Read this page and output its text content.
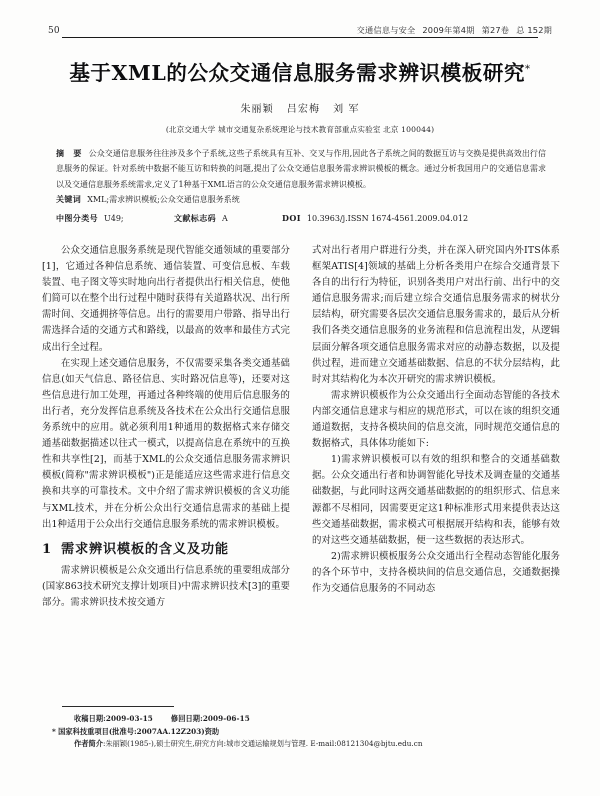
50	交通信息与安全 2009年第4期 第27卷 总 152期
基于XML的公众交通信息服务需求辨识模板研究*
朱丽颖 吕宏梅 刘 军
(北京交通大学 城市交通复杂系统理论与技术教育部重点实验室 北京 100044)

摘 要 公众交通信息服务往往涉及多个子系统,这些子系统具有互补、交叉与作用,因此各子系统之间的数据互访与交换是提供高效出行信息服务的保证。针对系统中数据不能互访和转换的问题,提出了公众交通信息服务需求辨识模板的概念。通过分析我国用户的交通信息需求以及交通信息服务系统需求,定义了1种基于XML语言的公众交通信息服务需求辨识模板。

关键词 XML;需求辨识模板;公众交通信息服务系统

中图分类号 U49;	文献标志码 A	DOI 10.3963/j.ISSN 1674-4561.2009.04.012

公众交通信息服务系统是现代智能交通领域的重要部分[1]，它通过各种信息系统、通信装置、可变信息板、车载装置、电子图文等实时地向出行者提供出行相关信息，使他们简可以在整个出行过程中随时获得有关道路状况、出行所需时间、交通拥挤等信息。出行的需要用户带路、指导出行需选择合适的交通方式和路线，以最高的效率和最佳方式完成出行全过程。

在实现上述交通信息服务，不仅需要采集各类交通基础信息(如天气信息、路径信息、实时路况信息等)，还要对这些信息进行加工处理，再通过各种终端的使用后信息服务的出行者，充分发挥信息系统及各技术在公众出行交通信息服务系统中的应用。就必须利用1种通用的数据格式来存储交通基础数据描述以往式一模式，以提高信息在系统中的互换性和共享性[2]，而基于XML的公众交通信息服务需求辨识模板(简称"需求辨识模板")正是能适应这些需求进行信息交换和共享的可靠技术。文中介绍了需求辨识模板的含义功能与XML技术，并在分析公众出行交通信息需求的基础上提出1种适用于公众出行交通信息服务系统的需求辨识模板。

1 需求辨识模板的含义及功能

需求辨识模板是公众交通出行信息系统的重要组成部分(国家863技术研究支撑计划项目)中需求辨识技术[3]的重要部分。需求辨识技术按交通方

式对出行者用户群进行分类，并在深入研究国内外ITS体系框架ATIS[4]领域的基础上分析各类用户在综合交通背景下各自的出行行为特征，识别各类用户对出行前、出行中的交通信息服务需求;而后建立综合交通信息服务需求的树状分层结构，研究需要各层次交通信息服务需求的，最后从分析我们各类交通信息服务的业务流程和信息流程出发，从逻辑层面分解各项交通信息服务需求对应的动静态数据，以及提供过程，进而建立交通基础数据、信息的不状分层结构，此时对其结构化为本次开研究的需求辨识模板。

需求辨识模板作为公众交通出行全面动态智能的各技术内部交通信息建求与相应的规范形式，可以在该的组织交通通道数据，支持各模块间的信息交流，同时规范交通信息的数据格式，具体体功能如下:

1)需求辨识模板可以有效的组织和整合的交通基础数据。公众交通出行者和协调智能化导技术及调查量的交通基础数据，与此同时这两交通基础数据的的组织形式、信息来源都不尽相同，因需要更定这1种标准形式用来提供表达这些交通基础数据，需求模式可根据展开结构和表，能够有效的对这些交通基础数据，便一这些数据的表达形式。

2)需求辨识模板服务公众交通出行全程动态智能化服务的各个环节中，支持各模块间的信息交通信息，交通数据操作为交通信息服务的不同动态

收稿日期:2009-03-15	修回日期:2009-06-15

* 国家科技重项目(批准号:2007AA.12Z203)资助

作者简介:朱丽颖(1985-),硕士研究生,研究方向:城市交通运输规划与管理. E-mail:08121304@bjtu.edu.cn
